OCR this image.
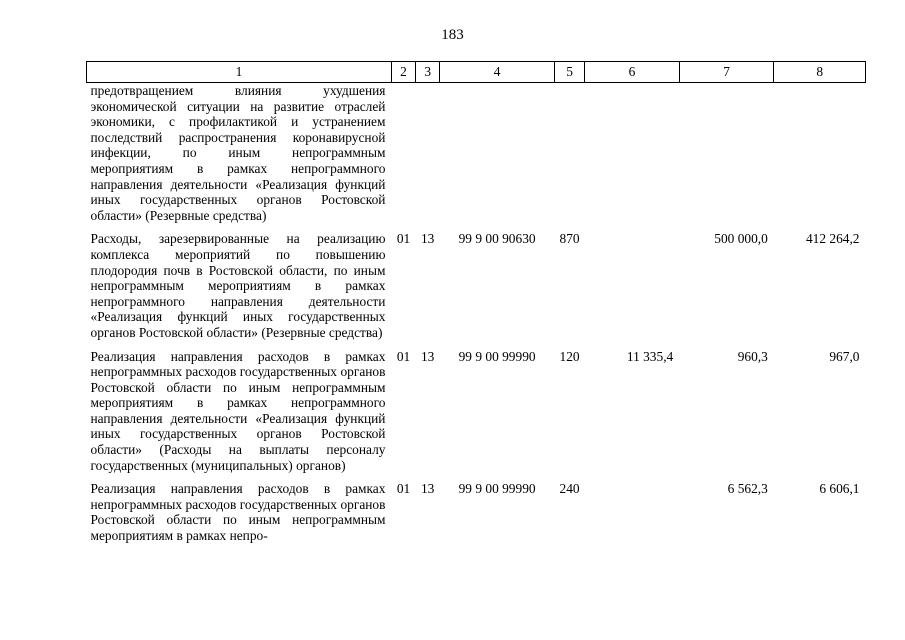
183
1	2	3	4	5	6	7	8
предотвращением влияния ухудшения экономической ситуации на развитие отраслей экономики, с профилактикой и устранением последствий распространения коронавирусной инфекции, по иным непрограммным мероприятиям в рамках непрограммного направления деятельности «Реализация функций иных государственных органов Ростовской области» (Резервные средства)							
Расходы, зарезервированные на реализацию комплекса мероприятий по повышению плодородия почв в Ростовской области, по иным непрограммным мероприятиям в рамках непрограммного направления деятельности «Реализация функций иных государственных органов Ростовской области» (Резервные средства)	01	13	99 9 00 90630	870		500 000,0	412 264,2
Реализация направления расходов в рамках непрограммных расходов государственных органов Ростовской области по иным непрограммным мероприятиям в рамках непрограммного направления деятельности «Реализация функций иных государственных органов Ростовской области» (Расходы на выплаты персоналу государственных (муниципальных) органов)	01	13	99 9 00 99990	120	11 335,4	960,3	967,0
Реализация направления расходов в рамках непрограммных расходов государственных органов Ростовской области по иным непрограммным мероприятиям в рамках непро-	01	13	99 9 00 99990	240		6 562,3	6 606,1
